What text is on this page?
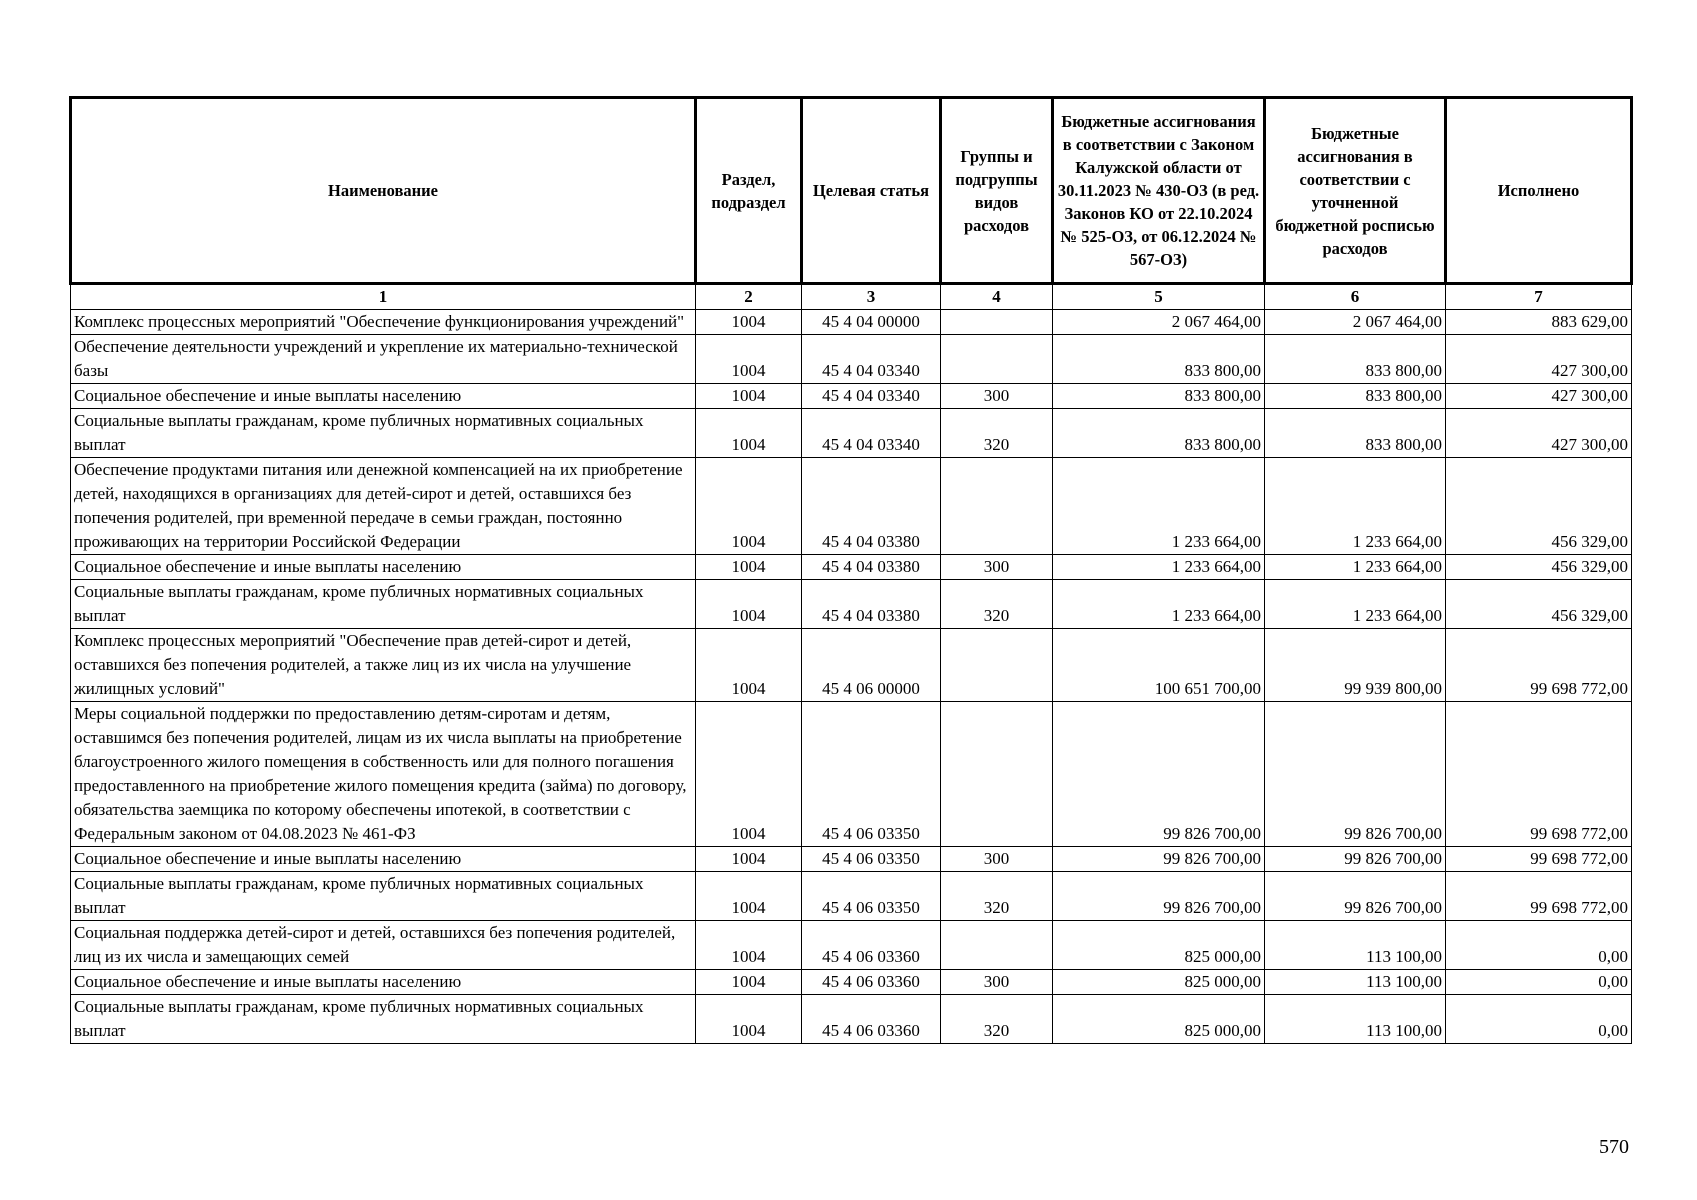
Наименование	Раздел, подраздел	Целевая статья	Группы и подгруппы видов расходов	Бюджетные ассигнования в соответствии с Законом Калужской области от 30.11.2023 № 430-ОЗ (в ред. Законов КО от 22.10.2024 № 525-ОЗ, от 06.12.2024 № 567-ОЗ)	Бюджетные ассигнования в соответствии с уточненной бюджетной росписью расходов	Исполнено
1	2	3	4	5	6	7
Комплекс процессных мероприятий "Обеспечение функционирования учреждений"	1004	45 4 04 00000		2 067 464,00	2 067 464,00	883 629,00
Обеспечение деятельности учреждений и укрепление их материально-технической базы	1004	45 4 04 03340		833 800,00	833 800,00	427 300,00
Социальное обеспечение и иные выплаты населению	1004	45 4 04 03340	300	833 800,00	833 800,00	427 300,00
Социальные выплаты гражданам, кроме публичных нормативных социальных выплат	1004	45 4 04 03340	320	833 800,00	833 800,00	427 300,00
Обеспечение продуктами питания или денежной компенсацией на их приобретение детей, находящихся в организациях для детей-сирот и детей, оставшихся без попечения родителей, при временной передаче в семьи граждан, постоянно проживающих на территории Российской Федерации	1004	45 4 04 03380		1 233 664,00	1 233 664,00	456 329,00
Социальное обеспечение и иные выплаты населению	1004	45 4 04 03380	300	1 233 664,00	1 233 664,00	456 329,00
Социальные выплаты гражданам, кроме публичных нормативных социальных выплат	1004	45 4 04 03380	320	1 233 664,00	1 233 664,00	456 329,00
Комплекс процессных мероприятий "Обеспечение прав детей-сирот и детей, оставшихся без попечения родителей, а также лиц из их числа на улучшение жилищных условий"	1004	45 4 06 00000		100 651 700,00	99 939 800,00	99 698 772,00
Меры социальной поддержки по предоставлению детям-сиротам и детям, оставшимся без попечения родителей, лицам из их числа выплаты на приобретение благоустроенного жилого помещения в собственность или для полного погашения предоставленного на приобретение жилого помещения кредита (займа) по договору, обязательства заемщика по которому обеспечены ипотекой, в соответствии с Федеральным законом от 04.08.2023 № 461-ФЗ	1004	45 4 06 03350		99 826 700,00	99 826 700,00	99 698 772,00
Социальное обеспечение и иные выплаты населению	1004	45 4 06 03350	300	99 826 700,00	99 826 700,00	99 698 772,00
Социальные выплаты гражданам, кроме публичных нормативных социальных выплат	1004	45 4 06 03350	320	99 826 700,00	99 826 700,00	99 698 772,00
Социальная поддержка детей-сирот и детей, оставшихся без попечения родителей, лиц из их числа и замещающих семей	1004	45 4 06 03360		825 000,00	113 100,00	0,00
Социальное обеспечение и иные выплаты населению	1004	45 4 06 03360	300	825 000,00	113 100,00	0,00
Социальные выплаты гражданам, кроме публичных нормативных социальных выплат	1004	45 4 06 03360	320	825 000,00	113 100,00	0,00
570
